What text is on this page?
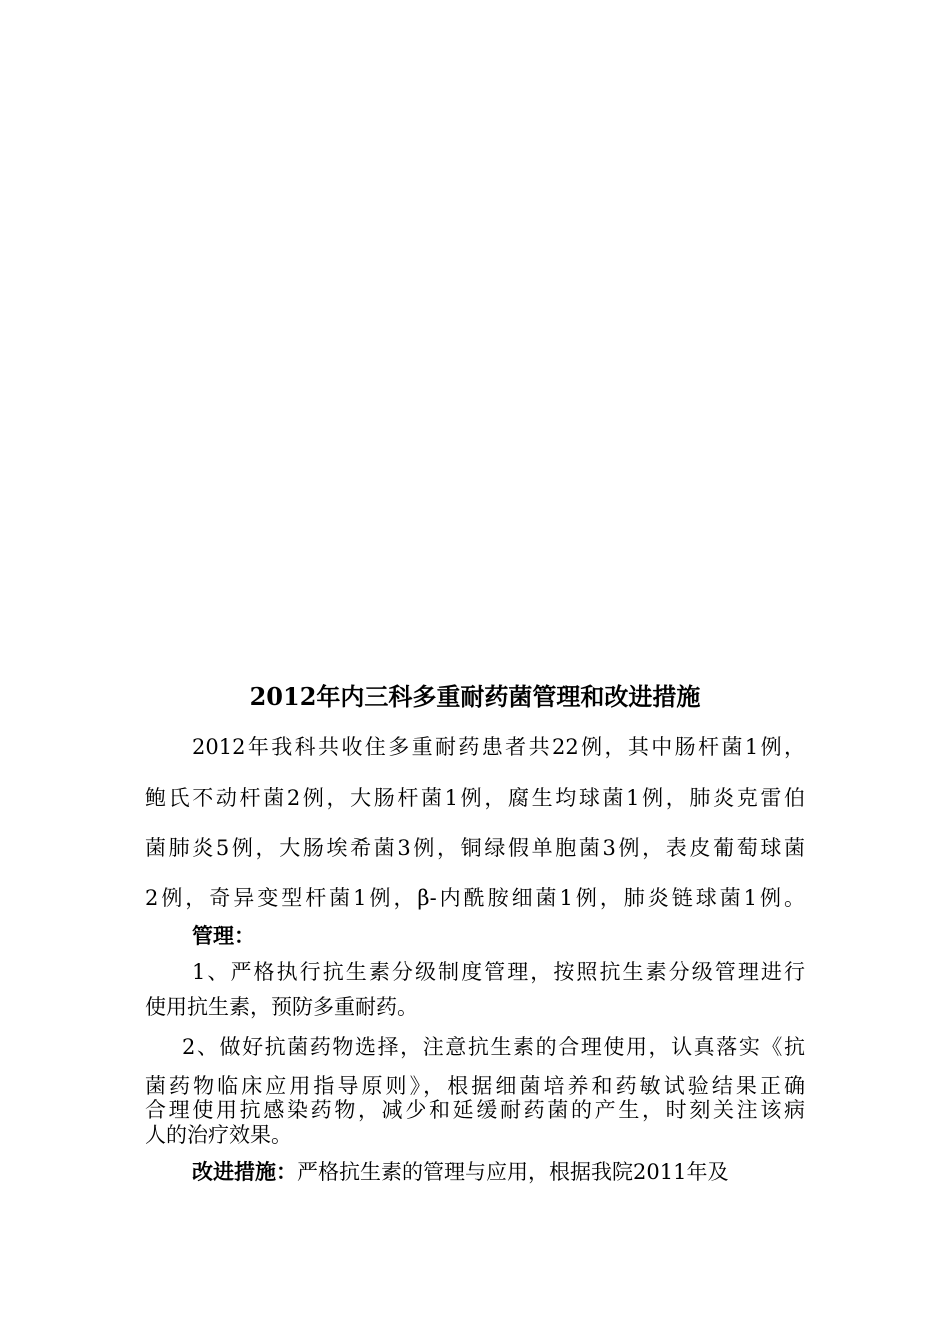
2012年内三科多重耐药菌管理和改进措施

2012年我科共收住多重耐药患者共22例，其中肠杆菌1例，

鲍氏不动杆菌2例，大肠杆菌1例，腐生均球菌1例，肺炎克雷伯

菌肺炎5例，大肠埃希菌3例，铜绿假单胞菌3例，表皮葡萄球菌

2例，奇异变型杆菌1例，β-内酰胺细菌1例，肺炎链球菌1例。

管理：

1、严格执行抗生素分级制度管理，按照抗生素分级管理进行

使用抗生素，预防多重耐药。

2、做好抗菌药物选择，注意抗生素的合理使用，认真落实《抗

菌药物临床应用指导原则》，根据细菌培养和药敏试验结果正确

合理使用抗感染药物，减少和延缓耐药菌的产生，时刻关注该病

人的治疗效果。

改进措施：严格抗生素的管理与应用，根据我院2011年及
